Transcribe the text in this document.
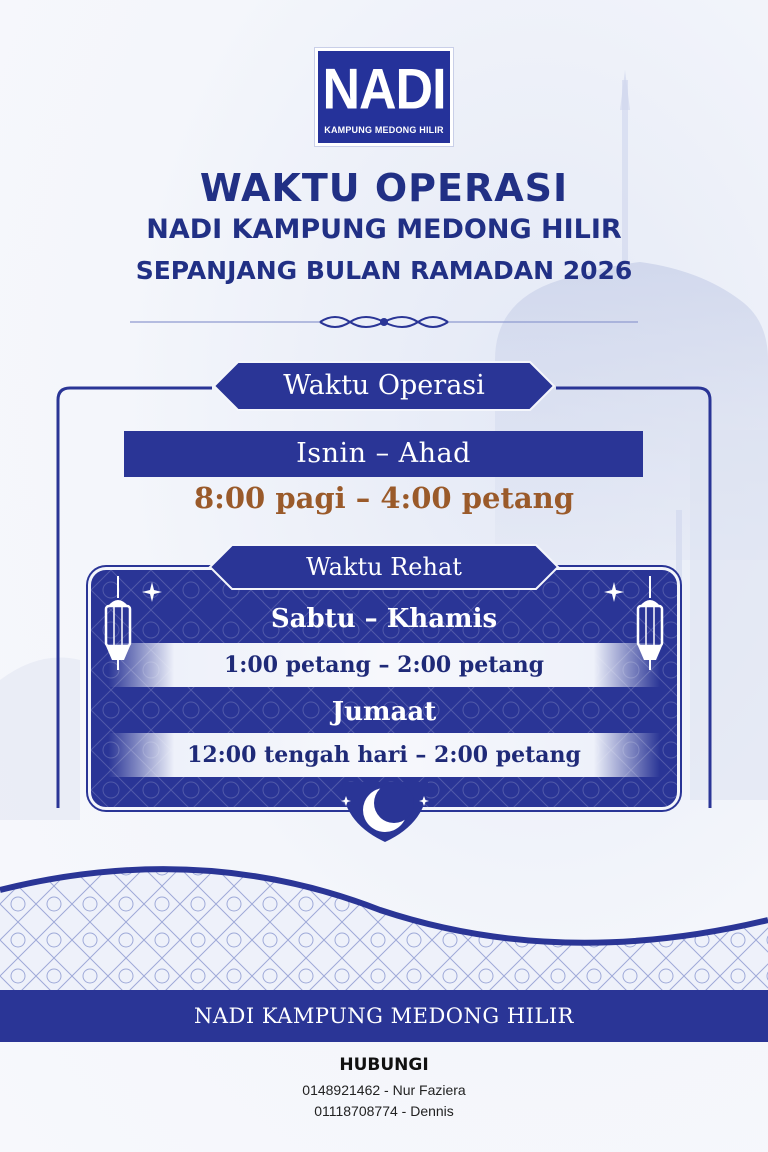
NADI
KAMPUNG MEDONG HILIR
WAKTU OPERASI
NADI KAMPUNG MEDONG HILIR
SEPANJANG BULAN RAMADAN 2026
Waktu Operasi
Isnin – Ahad
8:00 pagi – 4:00 petang
Waktu Rehat
Sabtu – Khamis
1:00 petang – 2:00 petang
Jumaat
12:00 tengah hari – 2:00 petang
NADI KAMPUNG MEDONG HILIR
HUBUNGI
0148921462 - Nur Faziera
01118708774 - Dennis
